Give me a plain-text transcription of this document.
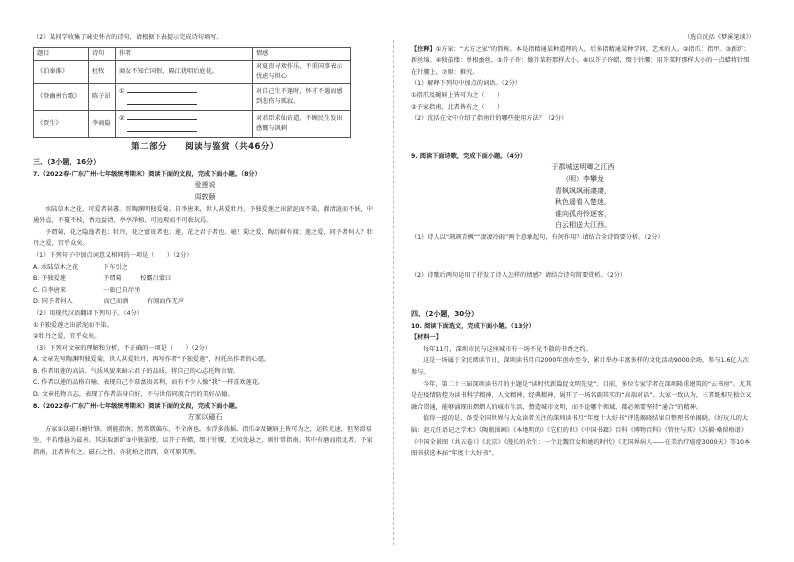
（2）某同学收集了咏史怀古的诗句，请根据下表提示完成诗句填写。

题目	诗句	作者	情感
《泊秦淮》	杜牧	商女不知亡国恨，隔江犹唱后庭花。	对夏贵寻欢作乐，不重国事表示忧虑与担心
《登幽州台歌》	陈子昂	①	对自己生不逢时，怀才不遇而感到悲伤与孤寂。
《贾生》	李商隐	②	对君臣求仙访道，不顾民生发出感慨与讽刺

第二部分　　阅读与鉴赏（共46分）

三、（3小题，16分）

7.（2022春·广东广州·七年级统考期末）阅读下面的文段，完成下面小题。（8分）

爱莲说

周敦颐

水陆草木之花，可爱者甚蕃。晋陶渊明独爱菊。自李唐来，世人甚爱牡丹。予独爱莲之出淤泥而不染，濯清涟而不妖，中通外直，不蔓不枝，香远益清，亭亭净植，可远观而不可亵玩焉。

予谓菊，花之隐逸者也；牡丹，花之富贵者也；莲，花之君子者也。噫！菊之爱，陶后鲜有闻；莲之爱，同予者何人？牡丹之爱，宜乎众矣。

（1）下列句子中加点词意义相同的一项是（　　）（2分）

A. 水陆草木之花　　　　下车引之

B. 予独爱莲　　　　　　予谓菊　　　	校霸吕蒙曰

C. 自李唐来　　　　　　一旅已自岸坐

D. 同予者何人　　　　　而已而酒　　　	有闻而作无声

（2）用现代汉语翻译下列句子。（4分）

①予独爱莲之出淤泥而不染。

②牡丹之爱，宜乎众矣。

（3）下列对文章的理解和分析，不正确的一项是（　　）（2分）

A. 文章先写陶渊明独爱菊，世人甚爱牡丹，再写作者“予独爱莲”，衬托出作者的心愿。

B. 作者用莲的高洁、气质风貌来暗示君子的品质，将自己的心志托物言情。

C. 作者以莲的品格自喻，表现自己不慕富贵名利，而有不少人像“我”一样喜欢莲花。

D. 文章托物言志，表现了作者洁身自好，不与世俗同流合污的美好品德。

8.（2022春·广东广州·七年级统考期末）阅读下面的文段，完成下面小题。

方家以磁石

方家①以磁石磨针锋，则能指南，然常微偏东，不全南也。水浮多荡摇。指爪②及碗唇上皆可为之，运转尤速，但坚滑易坠，不若缕悬为最善。其法取新纩③中独茧缕，以芥子许蜡，缀于针腰，无风处悬之，则针常指南。其中有磨而指北者。予家指南、北者皆有之。磁石之性，亦犹柏之指西，莫可原其理。

（选自沈括《梦溪笔谈》）

【注释】①方家：“大方之家”的简称。本是指精通某种道理的人，后多指精通某种学问、艺术的人。②指爪：指甲。③新纩：新丝绵。④独茧缕：单根蚕丝。⑤芥子许：像芥菜籽那样大小。⑥以芥子许蜡，缀于针腰：用芥菜籽那样大小的一点蜡将针缀在针腰上。⑦原：推究。

（1）解释下列句中加点的词语。（2分）

①指爪及碗唇上皆可为之（　　）

②予家指南、北者皆有之（　　）

（2）沈括在文中介绍了指南针的哪些使用方法？（2分）

9. 阅读下面诗歌，完成下面小题。（4分）

于郡城送明卿之江西

（明）李攀龙

青枫飒飒雨凄凄，

秋色遥看入楚迷。

谁向孤舟怜逐客，

白云相送大江西。

（1）诗人以“飒飒青枫”“凄凄冷雨”两个意象起句，有何作用？请结合全诗简要分析。（2分）

（2）诗歌后两句运用了抒发了诗人怎样的情感？请结合诗句简要赏析。（2分）

四、（2小题，30分）

10. 阅读下面选文，完成下面小题。（13分）

【材料一】

每年11月，深圳市民与这座城市有一场不见不散的书香之约。

这是一场属于全民阅读节日，深圳读书月自2000年创办至今，累计举办丰富多样的文化活动9000余场，参与1.6亿人次参与。

今年，第二十三届深圳读书月的主题是“读时代新篇促文明先觉”。目前，多位专家学者在深圳隆重建筑的“云书房”。尤其是在疫情防控为读书科学精神、人文精神、经典精神，展开了一场名副其实的“高端对话”。大家一致认为，三者既相互独立又融合贯通，能够涌现出熠熠人的城市生活，赞造城市文明，而不论哪个领域，都必须要坚持“通合”的精神。

值得一提的是，备受全国世界与大众读者关注的深圳读书月“年度十大好书”评选揭晓结果自整理书单揭晓。《好玩儿的大脑：赵元任语记之学术》《陶瓶围画》《本地明的》《它们的世》《中国书籍》百科《博物百科》《管住与其》《苏捕·桑留格谱》《中国全景图（共五卷）》《北京》《漫长的余生：一个北魏宫女和她的时代》《无国界病人——在美治疗癌症3000天》等10本图书获选本届“年度十大好书”。
